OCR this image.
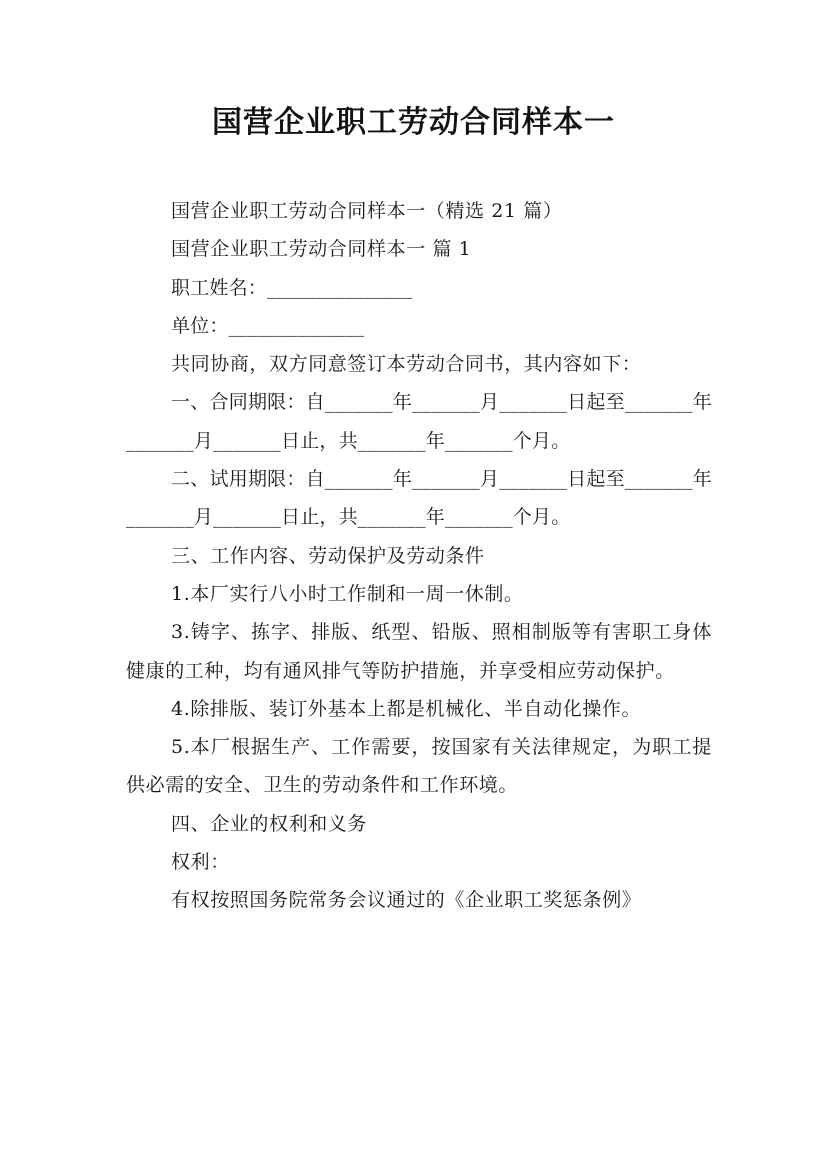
国营企业职工劳动合同样本一

国营企业职工劳动合同样本一（精选 21 篇）

国营企业职工劳动合同样本一 篇 1

职工姓名：_______________

单位：______________

共同协商，双方同意签订本劳动合同书，其内容如下：

一、合同期限：自_______年_______月_______日起至_______年_______月_______日止，共_______年_______个月。

二、试用期限：自_______年_______月_______日起至_______年_______月_______日止，共_______年_______个月。

三、工作内容、劳动保护及劳动条件

1.本厂实行八小时工作制和一周一休制。

3.铸字、拣字、排版、纸型、铅版、照相制版等有害职工身体健康的工种，均有通风排气等防护措施，并享受相应劳动保护。

4.除排版、装订外基本上都是机械化、半自动化操作。

5.本厂根据生产、工作需要，按国家有关法律规定，为职工提供必需的安全、卫生的劳动条件和工作环境。

四、企业的权利和义务

权利：

有权按照国务院常务会议通过的《企业职工奖惩条例》
